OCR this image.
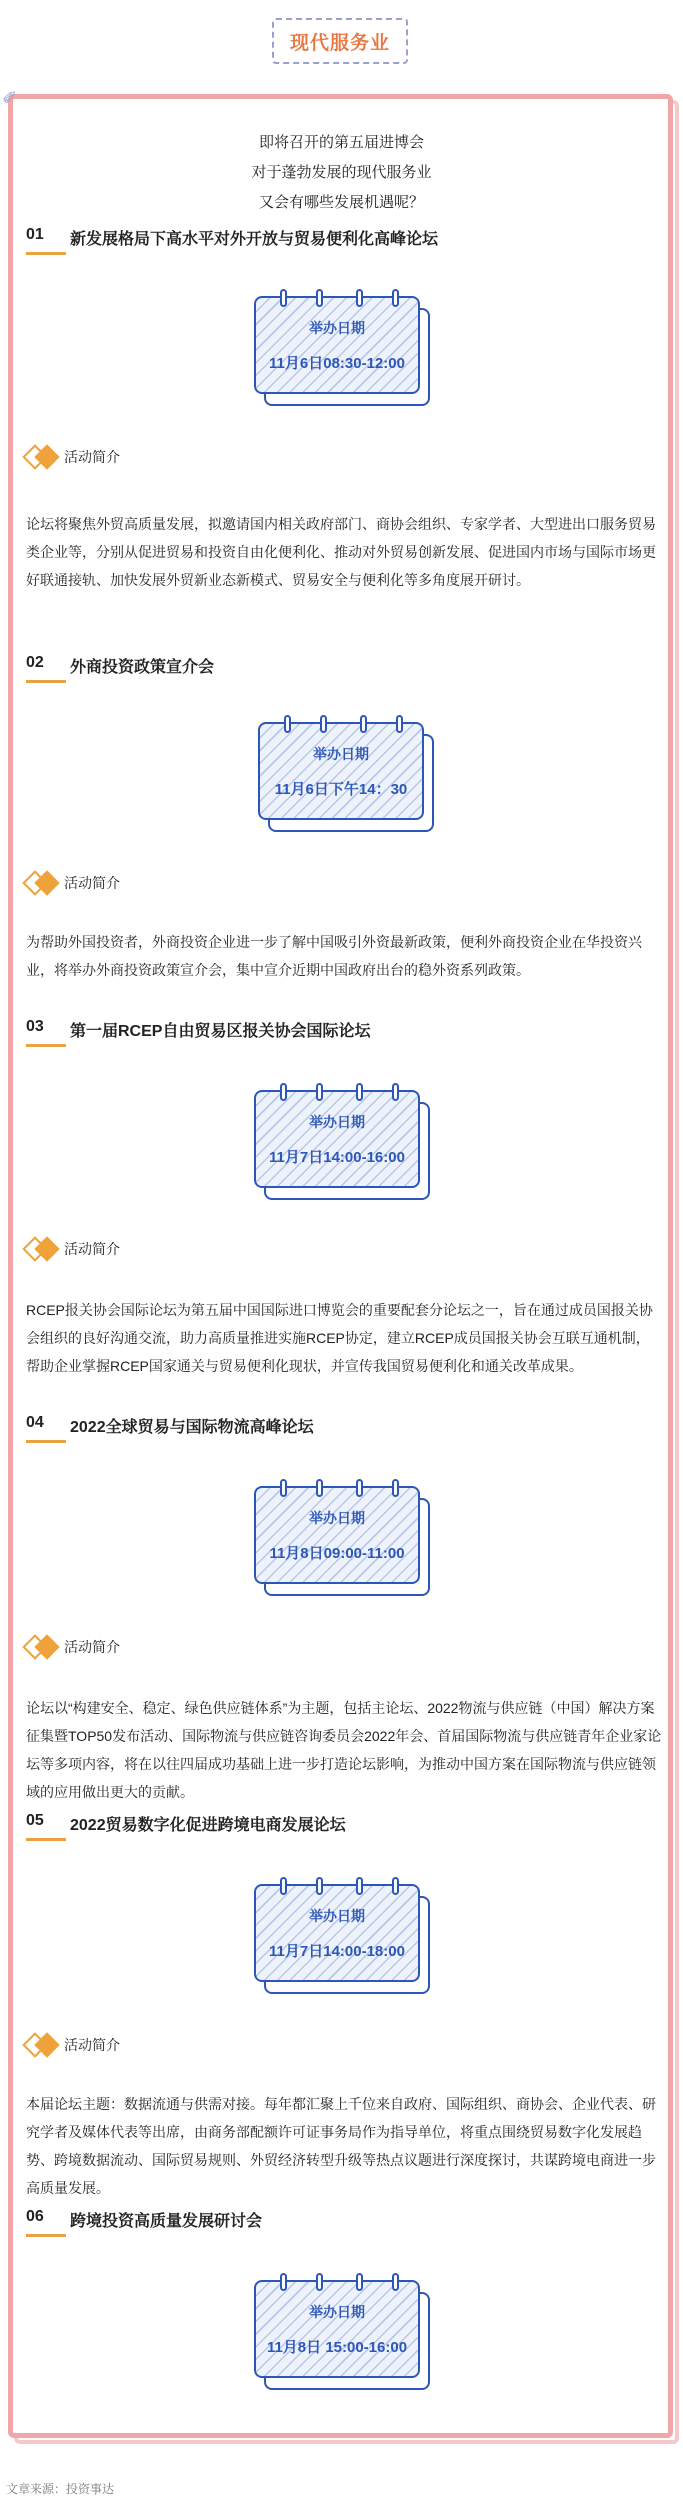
现代服务业
✐
即将召开的第五届进博会
对于蓬勃发展的现代服务业
又会有哪些发展机遇呢？
01	新发展格局下高水平对外开放与贸易便利化高峰论坛
举办日期
11月6日08:30-12:00
活动简介
论坛将聚焦外贸高质量发展，拟邀请国内相关政府部门、商协会组织、专家学者、大型进出口服务贸易类企业等，分别从促进贸易和投资自由化便利化、推动对外贸易创新发展、促进国内市场与国际市场更好联通接轨、加快发展外贸新业态新模式、贸易安全与便利化等多角度展开研讨。
02	外商投资政策宣介会
举办日期
11月6日下午14：30
活动简介
为帮助外国投资者，外商投资企业进一步了解中国吸引外资最新政策，便利外商投资企业在华投资兴业，将举办外商投资政策宣介会，集中宣介近期中国政府出台的稳外资系列政策。
03	第一届RCEP自由贸易区报关协会国际论坛
举办日期
11月7日14:00-16:00
活动简介
RCEP报关协会国际论坛为第五届中国国际进口博览会的重要配套分论坛之一，旨在通过成员国报关协会组织的良好沟通交流，助力高质量推进实施RCEP协定，建立RCEP成员国报关协会互联互通机制，帮助企业掌握RCEP国家通关与贸易便利化现状，并宣传我国贸易便利化和通关改革成果。
04	2022全球贸易与国际物流高峰论坛
举办日期
11月8日09:00-11:00
活动简介
论坛以“构建安全、稳定、绿色供应链体系”为主题，包括主论坛、2022物流与供应链（中国）解决方案征集暨TOP50发布活动、国际物流与供应链咨询委员会2022年会、首届国际物流与供应链青年企业家论坛等多项内容，将在以往四届成功基础上进一步打造论坛影响，为推动中国方案在国际物流与供应链领域的应用做出更大的贡献。
05	2022贸易数字化促进跨境电商发展论坛
举办日期
11月7日14:00-18:00
活动简介
本届论坛主题：数据流通与供需对接。每年都汇聚上千位来自政府、国际组织、商协会、企业代表、研究学者及媒体代表等出席，由商务部配额许可证事务局作为指导单位，将重点围绕贸易数字化发展趋势、跨境数据流动、国际贸易规则、外贸经济转型升级等热点议题进行深度探讨，共谋跨境电商进一步高质量发展。
06	跨境投资高质量发展研讨会
举办日期
11月8日 15:00-16:00
文章来源：投资事达
